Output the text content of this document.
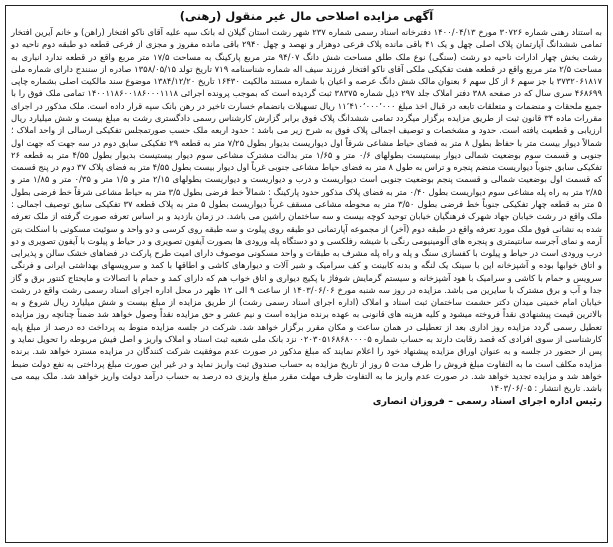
آگهی مزایده اصلاحی مال غیر منقول (رهنی)

به استناد رهنی شماره ۳۰۷۲۶ مورخ ۱۴۰۰/۰۴/۱۳ دفترخانه اسناد رسمی شماره ۲۳۷ شهر رشت استان گیلان له بانک سپه علیه آقای ناکو افتخار (راهن) و خانم آیرین افتخار تمامی ششدانگ آپارتمان پلاک اصلی چهل و یک ۴۱ باقی مانده پلاک فرعی دوهزار و نهصد و چهل ۲۹۴۰ باقی مانده مفروز و مجزی از فرعی قطعه دو طبقه دوم ناحیه دو رشت بخش چهار ادارات ناحیه دو رشت (سنگی) نوع ملک طلق مساحت شش دانگ ۹۴/۰۷ متر مربع پارکینگ به مساحت ۱۷/۵ متر مربع واقع در قطعه ندارد انباری به مساحت ۲/۵ متر مربع واقع در قطعه هفت تفکیکی ملکی آقای ناکو افتخار فرزند سیف اله شماره شناسنامه ۷۱۹ تاریخ تولد ۱۳۵۸/۰۵/۱۵ صادره از سنندج دارای شماره ملی ۳۷۳۲۰۶۱۸۱۷ با جز سهم ۶ از کل سهم ۶ بعنوان مالک شش دانگ عرصه و اعیان با شماره مستند مالکیت ۱۶۴۳۰ تاریخ ۱۳۸۴/۱۲/۲۰ موضوع سند مالکیت اصلی بشماره چاپی ۴۶۸۶۹۹ سری سال که در صفحه ۳۸۸ دفتر املاک جلد ۲۹۷ ذیل شماره ۳۸۳۷۵ ثبت گردیده است که بموجب پرونده اجرائی ۱۴۰۰۱۱۸۶۰۰۱۸۶۰۰۰۱۱۱۸ تمامی ملک فوق را با جمیع ملحقات و منضمات و متعلقات تابعه در قبال اخذ مبلغ ۱۱٬۴۱۰٬۰۰۰٬۰۰۰ ریال تسهیلات بانضمام خسارت تاخیر در رهن بانک سپه قرار داده است. ملک مذکور در اجرای مقررات ماده ۳۴ قانون ثبت از طریق مزایده برگزار میگردد تمامی ششدانگ پلاک فوق برابر گزارش کارشناس رسمی دادگستری رشت به مبلغ بیست و شش میلیارد ریال ارزیابی و قطعیت یافته است. حدود و مشخصات و توصیف اجمالی پلاک فوق به شرح زیر می باشد : حدود اربعه ملک حسب صورتمجلس تفکیکی ارسالی از واحد املاک ؛ شمالاً دیوار بیست متر با حفاظ بطول ۸ متر به فضای حیاط مشاعی شرقاً اول دیواریست بدیوار بطول ۷/۲۵ متر به قطعه ۲۹ تفکیکی سابق دوم در سه جهت که جهت اول جنوبی و قسمت سوم بوضعیت شمالی دیوار بیستیست بطولهای ۰/۶ متر و ۱/۶۵ متر بدالت مشترک مشاعی سوم دیوار بیستیست بدیوار بطول ۴/۵۵ متر به قطعه ۲۶ تفکیکی سابق جنوباً دیواریست منضم پنجره و تراس به طول ۸ متر به فضای حیاط مشاعی جنوبی غرباً اول دیوار بیست بطول ۴/۵۵ متر به فضای پلاک ۳۷ دوم در پنج قسمت که قسمت اول بوضعیت شمالی و قسمت پنجم بوضعیت جنوبی است دیواریست و درب و دیواریست و دیواریست بطولهای ۲/۱۵ متر و ۱/۵ متر و ۰/۳۵ متر و ۱/۸۵ متر و ۲/۸۵ متر به راه پله مشاعی سوم دیواریست بطول ۰/۴۰ متر به فضای پلاک مذکور حدود پارکینگ : شمالاً خط فرضی بطول ۳/۵ متر به حیاط مشاعی شرقاً خط فرضی بطول ۵ متر به قطعه چهار تفکیکی جنوباً خط فرضی بطول ۳/۵۰ متر به محوطه مشاعی مسقف غرباً دیواریست بطول ۵ متر به پلاک قطعه ۳۷ تفکیکی سابق توصیف اجمالی : ملک واقع در رشت خیابان جهاد شهرک فرهنگیان خیابان توحید کوچه بیست و سه ساختمان راشین می باشد. در زمان بازدید و بر اساس تعرفه صورت گرفته از ملک تعرفه شده به نشانی فوق ملک مورد تعرفه واقع در طبقه دوم (آخر) از مجموعه آپارتمانی دو طبقه روی پیلوت و سه طبقه روی کرسی و دو واحد و سوئیت مسکونی با اسکلت بتن آرمه و نمای آجرسه سانتیمتری و پنجره های آلومینیومی رنگی با شیشه رفلکسی و دو دستگاه پله ورودی ها بصورت آیفون تصویری و در حیاط و پیلوت با آیفون تصویری و دو درب ورودی است در حیاط و پیلوت با کفسازی سنگ و پله و راه پله مشرف به طبقات و واحد مسکونی موصوف دارای امیت طرح پارکت در فضاهای خشک سالن و پذیرایی و اتاق خوابها بوده و آشپزخانه این با سینک یک لنگه و بدنه کابینت و کف سرامیک و شیر آلات و دیوارهای کاشی و اطاقها با کمد و سرویسهای بهداشتی ایرانی و فرنگی سرویس و حمام با کاشی و سرامیک با هود آشپزخانه و سیستم گرمایش شوفاژ با پکیج دیواری و اتاق خواب هم که دارای کمد و حمام با اتصالات و مایحتاج کنتور برق و گاز جدا و آب و برق مشترک با سایرین می باشد. مزایده در روز سه شنبه مورخ ۱۴۰۳/۰۶/۰۶ از ساعت ۹ الی ۱۲ ظهر در محل اداره اجرای اسناد رسمی رشت واقع در رشت خیابان امام خمینی میدان دکتر حشمت ساختمان ثبت اسناد و املاک (اداره اجرای اسناد رسمی رشت) از طریق مزایده از مبلغ بیست و شش میلیارد ریال شروع و به بالاترین قیمت پیشنهادی نقداً فروخته میشود و کلیه هزینه های قانونی به عهده برنده مزایده است و نیم عشر و حق مزایده نقداً وصول خواهد شد ضمناً چنانچه روز مزایده تعطیل رسمی گردد مزایده روز اداری بعد از تعطیلی در همان ساعت و مکان مقرر برگزار خواهد شد. شرکت در جلسه مزایده منوط به پرداخت ده درصد از مبلغ پایه کارشناسی از سوی افرادی که قصد رقابت دارند به حساب شماره ۰۲۰۳۰۵۱۶۸۶۸۰۰۰۰۵ نزد بانک ملی شعبه ثبت اسناد و املاک واریز و اصل فیش مربوطه را تحویل نماید و پس از حضور در جلسه و به عنوان اوراق مزایده پیشنهاد خود را اعلام نمایند که مبلغ مذکور در صورت عدم موفقیت شرکت کنندگان در مزایده مسترد خواهد شد. برنده مزایده مکلف است ما به التفاوت مبلغ فروش را ظرف مدت ۵ روز از تاریخ مزایده به حساب صندوق ثبت واریز نماید و در غیر این صورت مبلغ پرداختی به نفع دولت ضبط خواهد شد و مزایده تجدید خواهد شد. در صورت عدم واریز ما به التفاوت ظرف مهلت مقرر مبلغ واریزی ده درصد به حساب درآمد دولت واریز خواهد شد. ملک بیمه می باشد. تاریخ انتشار : ۱۴۰۳/۰۶/۰۵

رئیس اداره اجرای اسناد رسمی – فروزان انصاری
